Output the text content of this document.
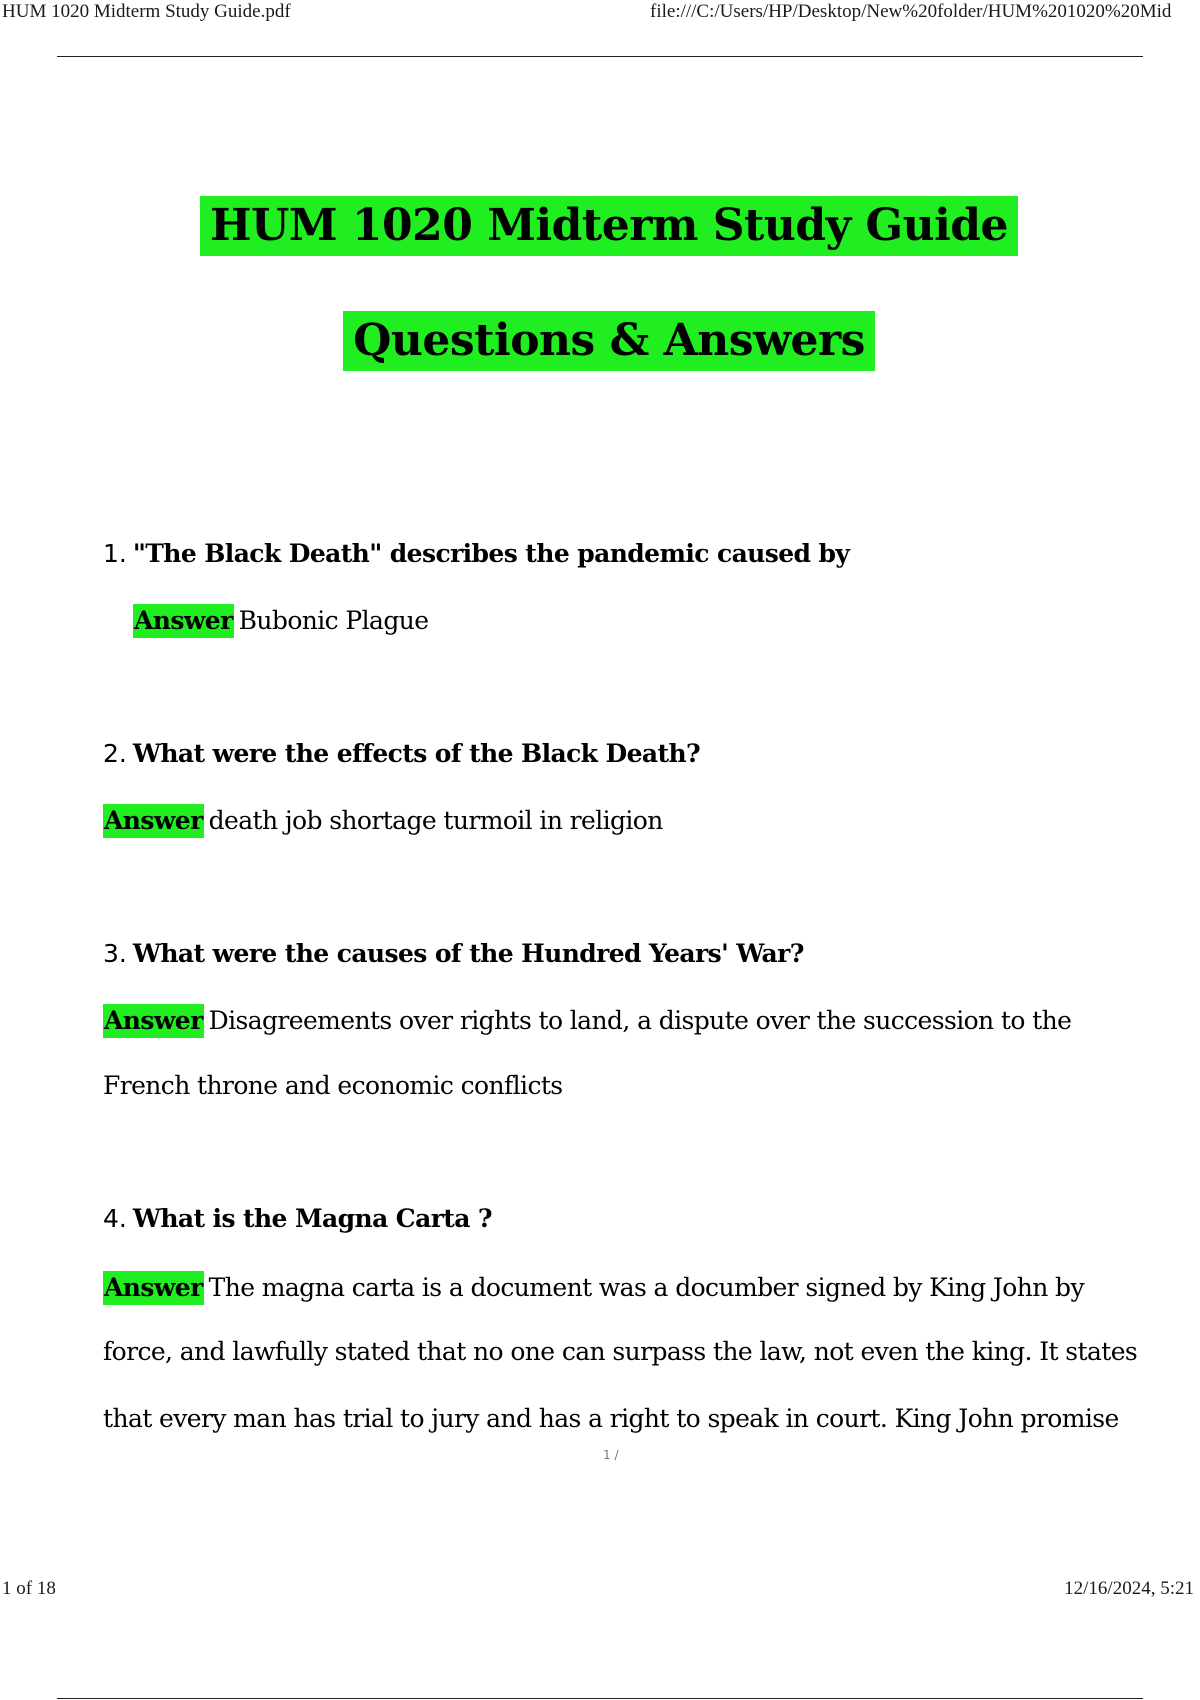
HUM 1020 Midterm Study Guide.pdf	file:///C:/Users/HP/Desktop/New%20folder/HUM%201020%20Mid
HUM 1020 Midterm Study Guide
Questions & Answers
1. "The Black Death" describes the pandemic caused by
Answer Bubonic Plague
2. What were the effects of the Black Death?
Answer death job shortage turmoil in religion
3. What were the causes of the Hundred Years' War?
Answer Disagreements over rights to land, a dispute over the succession to the
French throne and economic conflicts
4. What is the Magna Carta ?
Answer The magna carta is a document was a documber signed by King John by
force, and lawfully stated that no one can surpass the law, not even the king. It states
that every man has trial to jury and has a right to speak in court. King John promise
1 /
1 of 18	12/16/2024, 5:21
